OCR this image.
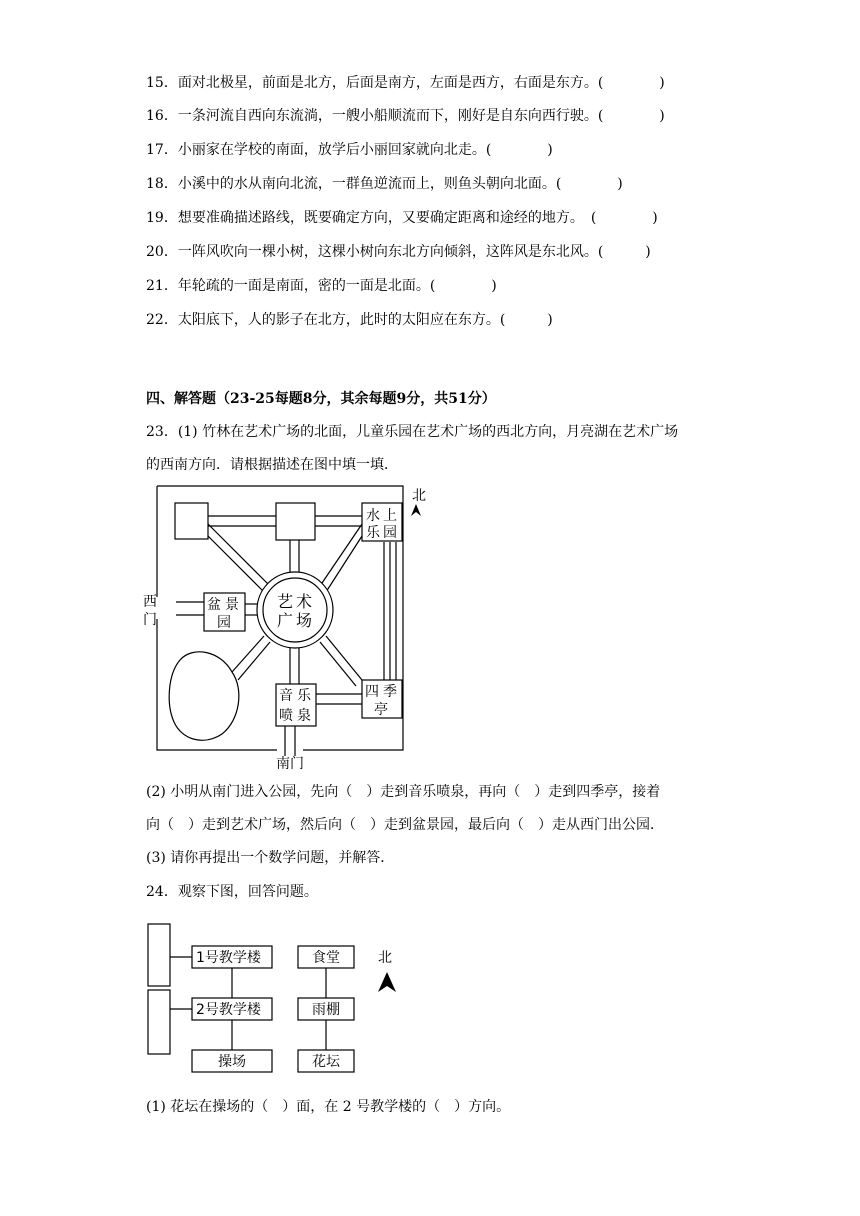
15．面对北极星，前面是北方，后面是南方，左面是西方，右面是东方。(　　　　)
16．一条河流自西向东流淌，一艘小船顺流而下，刚好是自东向西行驶。(　　　　)
17．小丽家在学校的南面，放学后小丽回家就向北走。(　　　　)
18．小溪中的水从南向北流，一群鱼逆流而上，则鱼头朝向北面。(　　　　)
19．想要准确描述路线，既要确定方向，又要确定距离和途经的地方。　(　　　　)
20．一阵风吹向一棵小树，这棵小树向东北方向倾斜，这阵风是东北风。(　　　)
21．年轮疏的一面是南面，密的一面是北面。(　　　　)
22．太阳底下，人的影子在北方，此时的太阳应在东方。(　　　)
四、解答题（23-25每题8分，其余每题9分，共51分）
23．(1) 竹林在艺术广场的北面，儿童乐园在艺术广场的西北方向，月亮湖在艺术广场
的西南方向．请根据描述在图中填一填．
北
西
门
南门
水 上
乐 园
盆 景
园
艺 术
广 场
音 乐
喷 泉
四 季
亭
(2) 小明从南门进入公园，先向（　）走到音乐喷泉，再向（　）走到四季亭，接着
向（　）走到艺术广场，然后向（　）走到盆景园，最后向（　）走从西门出公园．
(3) 请你再提出一个数学问题，并解答．
24．观察下图，回答问题。
1号教学楼
2号教学楼
操场
食堂
雨棚
花坛
北
(1) 花坛在操场的（　）面，在 2 号教学楼的（　）方向。
